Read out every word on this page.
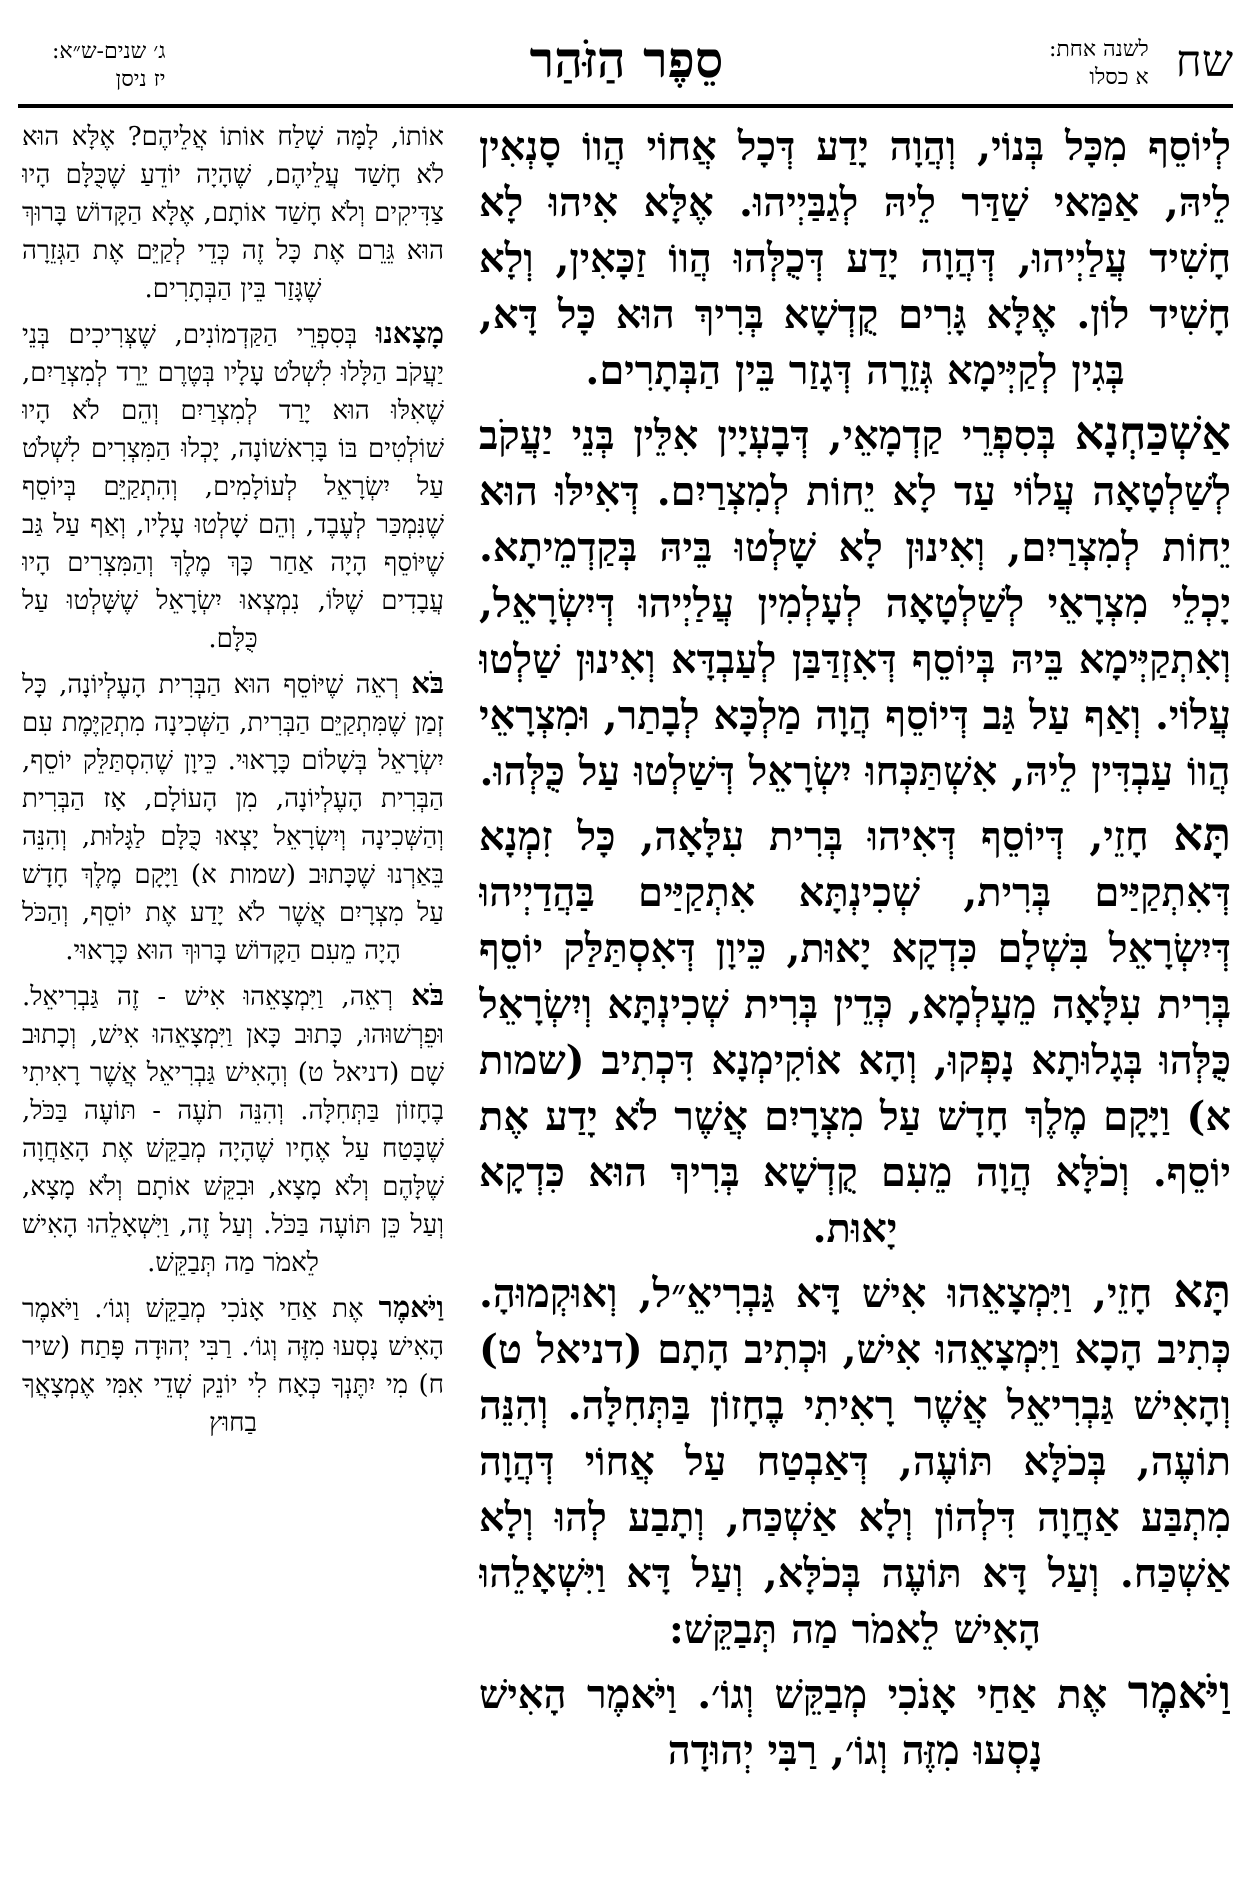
שח לשנה אחת:
א כסלו
סֵפֶר הַזֹּהַר
ג׳ שנים-ש״א:
יז ניסן

לְיוֹסֵף מִכָּל בְּנוֹי, וְהֲוָה יָדַע דְּכָל אֲחוֹי הֲווֹ סָנְאִין לֵיהּ, אַמַּאי שַׁדַּר לֵיהּ לְגַבַּיְיהוּ. אֶלָּא אִיהוּ לָא חָשִׁיד עֲלַיְיהוּ, דְּהֲוָה יָדַע דְּכֻלְּהוּ הֲווֹ זַכָּאִין, וְלָא חָשִׁיד לוֹן. אֶלָּא גָּרִים קֻדְשָׁא בְּרִיךְ הוּא כָּל דָּא, בְּגִין לְקַיְּימָא גְּזֵרָה דְּגָזַר בֵּין הַבְּתָרִים.

אַשְׁכַּחְנָא בְּסִפְרֵי קַדְמָאֵי, דְּבָעְיָין אִלֵּין בְּנֵי יַעֲקֹב לְשַׁלְטָאָה עֲלוֹי עַד לָא יֵחוֹת לְמִצְרַיִם. דְּאִילּוּ הוּא יֵחוֹת לְמִצְרַיִם, וְאִינוּן לָא שָׁלְטוּ בֵּיהּ בְּקַדְמֵיתָא. יָכְלֵי מִצְרָאֵי לְשַׁלְטָאָה לְעָלְמִין עֲלַיְיהוּ דְּיִשְׂרָאֵל, וְאִתְקַיְּימָא בֵּיהּ בְּיוֹסֵף דְּאִזְדַּבַּן לְעַבְדָּא וְאִינוּן שַׁלְטוּ עֲלוֹי. וְאַף עַל גַּב דְּיוֹסֵף הֲוָה מַלְכָּא לְבָתַר, וּמִצְרָאֵי הֲווֹ עַבְדִּין לֵיהּ, אִשְׁתַּכְּחוּ יִשְׂרָאֵל דְּשַׁלְטוּ עַל כֻּלְּהוּ.

תָּא חָזֵי, דְּיוֹסֵף דְּאִיהוּ בְּרִית עִלָּאָה, כָּל זִמְנָא דְּאִתְקַיַּים בְּרִית, שְׁכִינְתָּא אִתְקַיַּים בַּהֲדַיְיהוּ דְּיִשְׂרָאֵל בִּשְׁלָם כִּדְקָא יָאוּת, כֵּיוָן דְּאִסְתַּלַּק יוֹסֵף בְּרִית עִלָּאָה מֵעָלְמָא, כְּדֵין בְּרִית שְׁכִינְתָּא וְיִשְׂרָאֵל כֻּלְּהוּ בְּגָלוּתָא נָפְקוּ, וְהָא אוֹקִימְנָא דִּכְתִיב (שמות א) וַיָּקָם מֶלֶךְ חָדָשׁ עַל מִצְרָיִם אֲשֶׁר לֹא יָדַע אֶת יוֹסֵף. וְכֹלָּא הֲוָה מֵעִם קֻדְשָׁא בְּרִיךְ הוּא כִּדְקָא יָאוּת.

תָּא חָזֵי, וַיִּמְצָאֵהוּ אִישׁ דָּא גַּבְרִיאֵ״ל, וְאוּקְמוּהָ. כְּתִיב הָכָא וַיִּמְצָאֵהוּ אִישׁ, וּכְתִיב הָתָם (דניאל ט) וְהָאִישׁ גַּבְרִיאֵל אֲשֶׁר רָאִיתִי בֶחָזוֹן בַּתְּחִלָּה. וְהִנֵּה תוֹעֶה, בְּכֹלָּא תּוֹעֶה, דְּאַבְטַח עַל אֲחוֹי דְּהֲוָה מִתְבַּע אַחֲוָה דִּלְהוֹן וְלָא אַשְׁכַּח, וְתָבַע לְהוּ וְלָא אַשְׁכַּח. וְעַל דָּא תּוֹעֶה בְּכֹלָּא, וְעַל דָּא וַיִּשְׁאָלֵהוּ הָאִישׁ לֵאמֹר מַה תְּבַקֵּשׁ:

וַיֹּאמֶר אֶת אַחַי אָנֹכִי מְבַקֵּשׁ וְגוֹ׳. וַיֹּאמֶר הָאִישׁ נָסְעוּ מִזֶּה וְגוֹ׳, רַבִּי יְהוּדָה

אוֹתוֹ, לָמָּה שָׁלַח אוֹתוֹ אֲלֵיהֶם? אֶלָּא הוּא לֹא חָשַׁד עֲלֵיהֶם, שֶׁהָיָה יוֹדֵעַ שֶׁכֻּלָּם הָיוּ צַדִּיקִים וְלֹא חָשַׁד אוֹתָם, אֶלָּא הַקָּדוֹשׁ בָּרוּךְ הוּא גֵּרֵם אֶת כָּל זֶה כְּדֵי לְקַיֵּם אֶת הַגְּזֵרָה שֶׁגָּזַר בֵּין הַבְּתָרִים.

מָצָאנוּ בְּסִפְרֵי הַקַּדְמוֹנִים, שֶׁצְּרִיכִים בְּנֵי יַעֲקֹב הַלָּלוּ לִשְׁלֹט עָלָיו בְּטֶרֶם יֵרֵד לְמִצְרַיִם, שֶׁאִלּוּ הוּא יָרַד לְמִצְרַיִם וְהֵם לֹא הָיוּ שׁוֹלְטִים בּוֹ בָּרִאשׁוֹנָה, יָכְלוּ הַמִּצְרִים לִשְׁלֹט עַל יִשְׂרָאֵל לְעוֹלָמִים, וְהִתְקַיֵּם בְּיוֹסֵף שֶׁנִּמְכַּר לְעֶבֶד, וְהֵם שָׁלְטוּ עָלָיו, וְאַף עַל גַּב שֶׁיּוֹסֵף הָיָה אַחַר כָּךְ מֶלֶךְ וְהַמִּצְרִים הָיוּ עֲבָדִים שֶׁלּוֹ, נִמְצְאוּ יִשְׂרָאֵל שֶׁשָּׁלְטוּ עַל כֻּלָּם.

בֹּא רְאֵה שֶׁיּוֹסֵף הוּא הַבְּרִית הָעֶלְיוֹנָה, כָּל זְמַן שֶׁמִּתְקַיֵּם הַבְּרִית, הַשְּׁכִינָה מִתְקַיֶּמֶת עִם יִשְׂרָאֵל בְּשָׁלוֹם כָּרָאוּי. כֵּיוָן שֶׁהִסְתַּלֵּק יוֹסֵף, הַבְּרִית הָעֶלְיוֹנָה, מִן הָעוֹלָם, אָז הַבְּרִית וְהַשְּׁכִינָה וְיִשְׂרָאֵל יָצְאוּ כֻּלָּם לַגָּלוּת, וְהִנֵּה בֵּאַרְנוּ שֶׁכָּתוּב (שמות א) וַיָּקָם מֶלֶךְ חָדָשׁ עַל מִצְרָיִם אֲשֶׁר לֹא יָדַע אֶת יוֹסֵף, וְהַכֹּל הָיָה מֵעִם הַקָּדוֹשׁ בָּרוּךְ הוּא כָּרָאוּי.

בֹּא רְאֵה, וַיִּמְצָאֵהוּ אִישׁ - זֶה גַּבְרִיאֵל. וּפֵרְשׁוּהוּ, כָּתוּב כָּאן וַיִּמְצָאֵהוּ אִישׁ, וְכָתוּב שָׁם (דניאל ט) וְהָאִישׁ גַּבְרִיאֵל אֲשֶׁר רָאִיתִי בֶחָזוֹן בַּתְּחִלָּה. וְהִנֵּה תֹעֶה - תּוֹעֶה בַּכֹּל, שֶׁבָּטַח עַל אֶחָיו שֶׁהָיָה מְבַקֵּשׁ אֶת הָאַחֲוָה שֶׁלָּהֶם וְלֹא מָצָא, וּבִקֵּשׁ אוֹתָם וְלֹא מָצָא, וְעַל כֵּן תּוֹעֶה בַּכֹּל. וְעַל זֶה, וַיִּשְׁאָלֵהוּ הָאִישׁ לֵאמֹר מַה תְּבַקֵּשׁ.

וַיֹּאמֶר אֶת אַחַי אָנֹכִי מְבַקֵּשׁ וְגוֹ׳. וַיֹּאמֶר הָאִישׁ נָסְעוּ מִזֶּה וְגוֹ׳. רַבִּי יְהוּדָה פָּתַח (שיר ח) מִי יִתֶּנְךָ כְּאָח לִי יוֹנֵק שְׁדֵי אִמִּי אֶמְצָאֲךָ בַחוּץ
